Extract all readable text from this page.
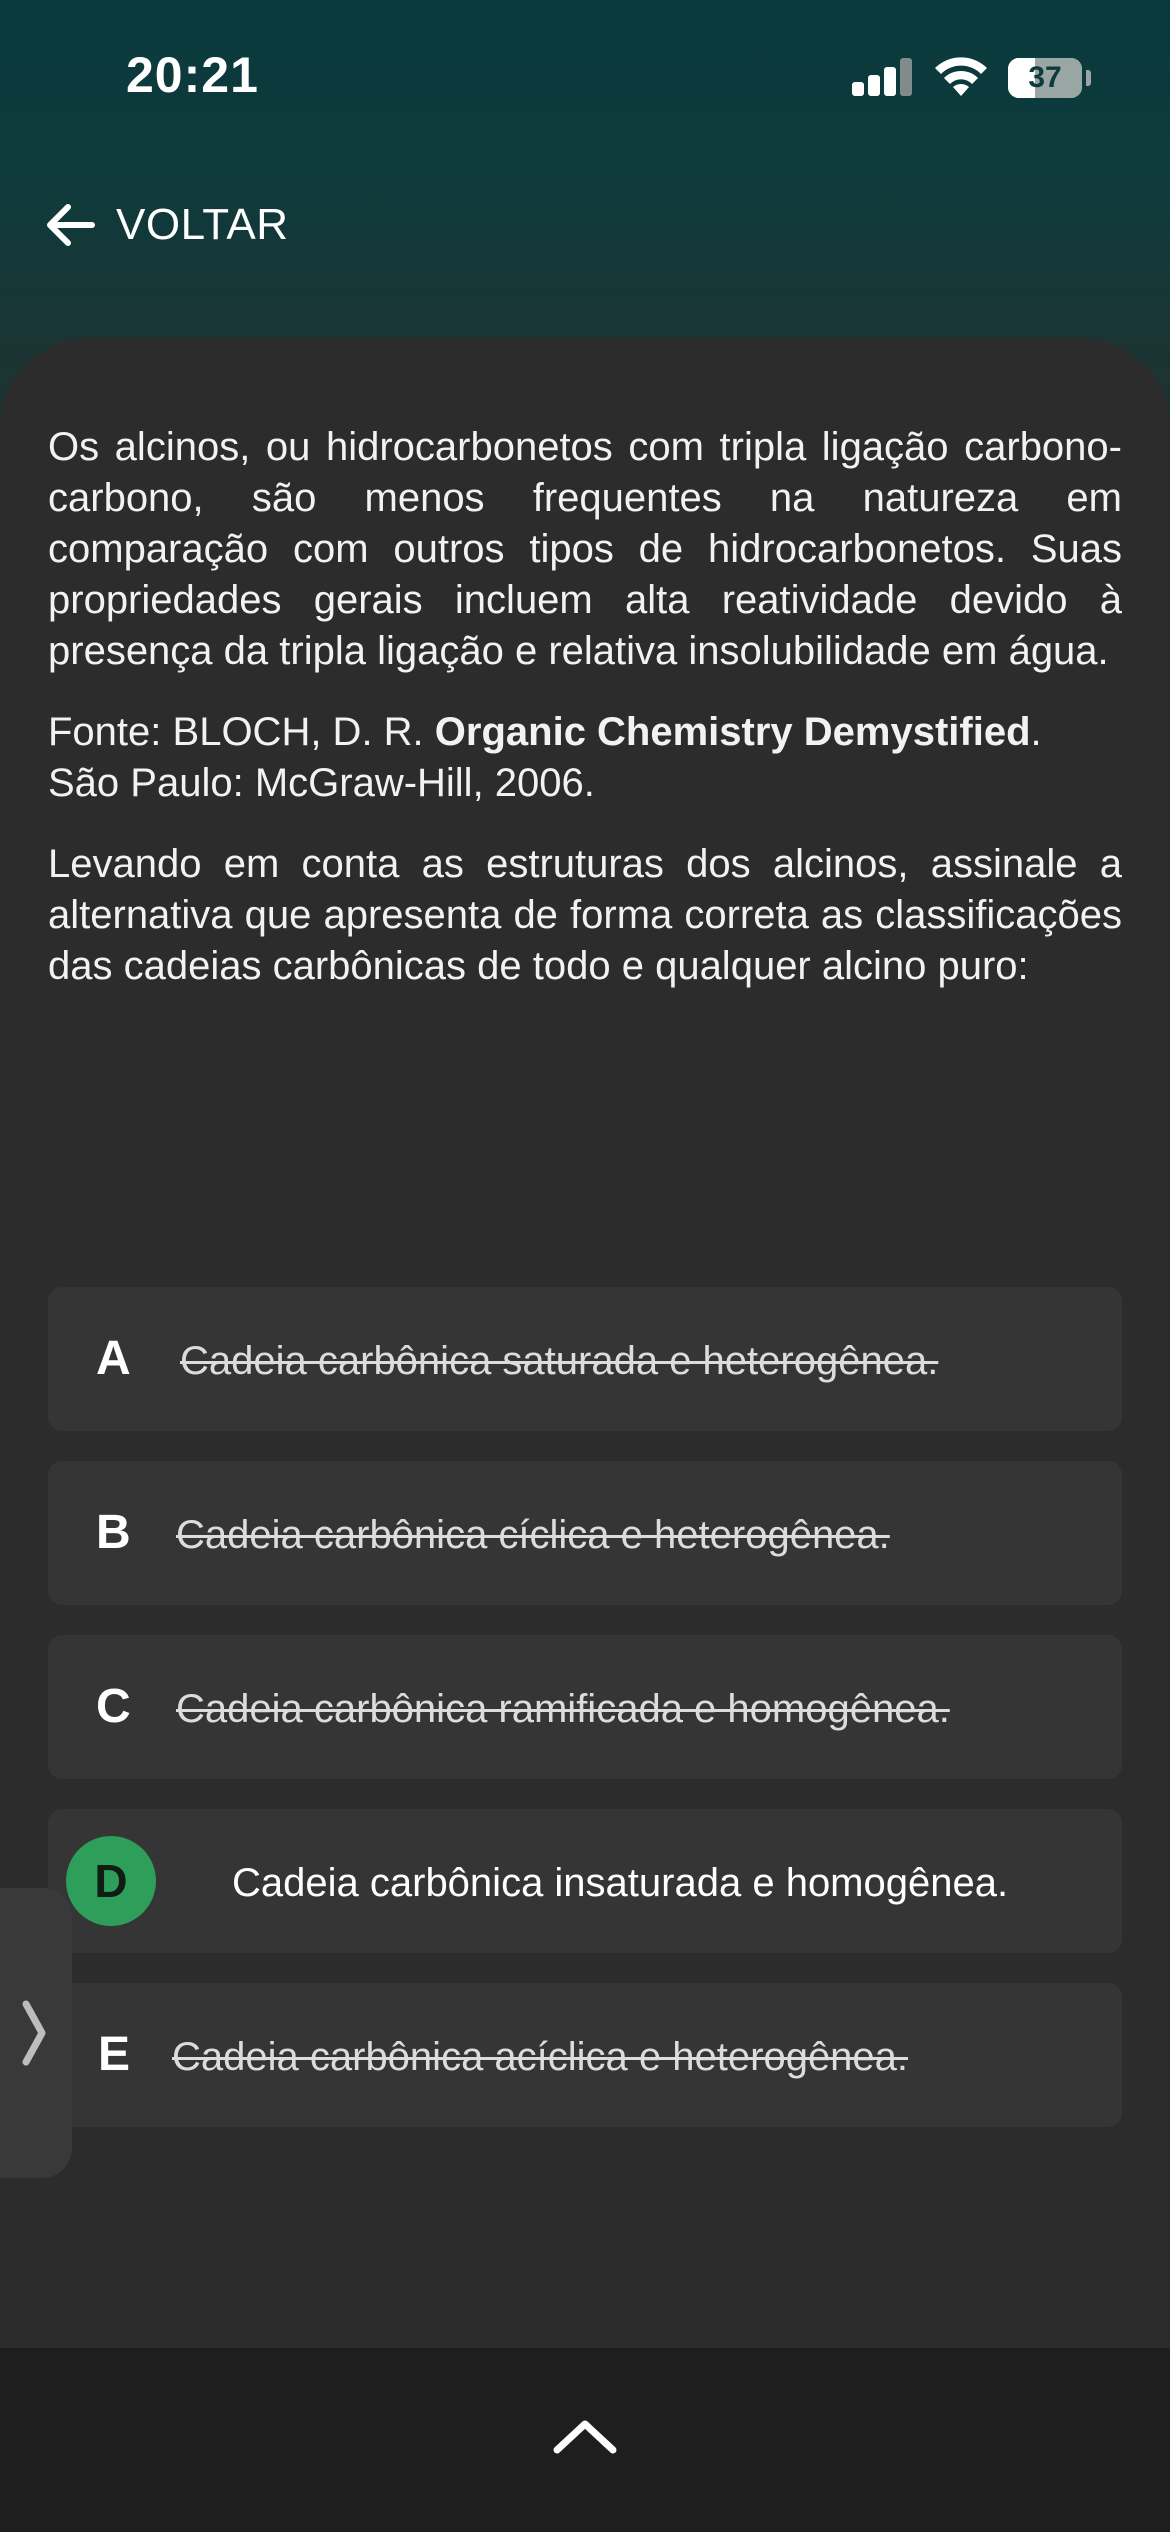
20:21	37
VOLTAR

Os alcinos, ou hidrocarbonetos com tripla ligação carbono-carbono, são menos frequentes na natureza em comparação com outros tipos de hidrocarbonetos. Suas propriedades gerais incluem alta reatividade devido à presença da tripla ligação e relativa insolubilidade em água.

Fonte: BLOCH, D. R. Organic Chemistry Demystified. São Paulo: McGraw-Hill, 2006.

Levando em conta as estruturas dos alcinos, assinale a alternativa que apresenta de forma correta as classificações das cadeias carbônicas de todo e qualquer alcino puro:

A Cadeia carbônica saturada e heterogênea.
B Cadeia carbônica cíclica e heterogênea.
C Cadeia carbônica ramificada e homogênea.
D	Cadeia carbônica insaturada e homogênea.
E Cadeia carbônica acíclica e heterogênea.
